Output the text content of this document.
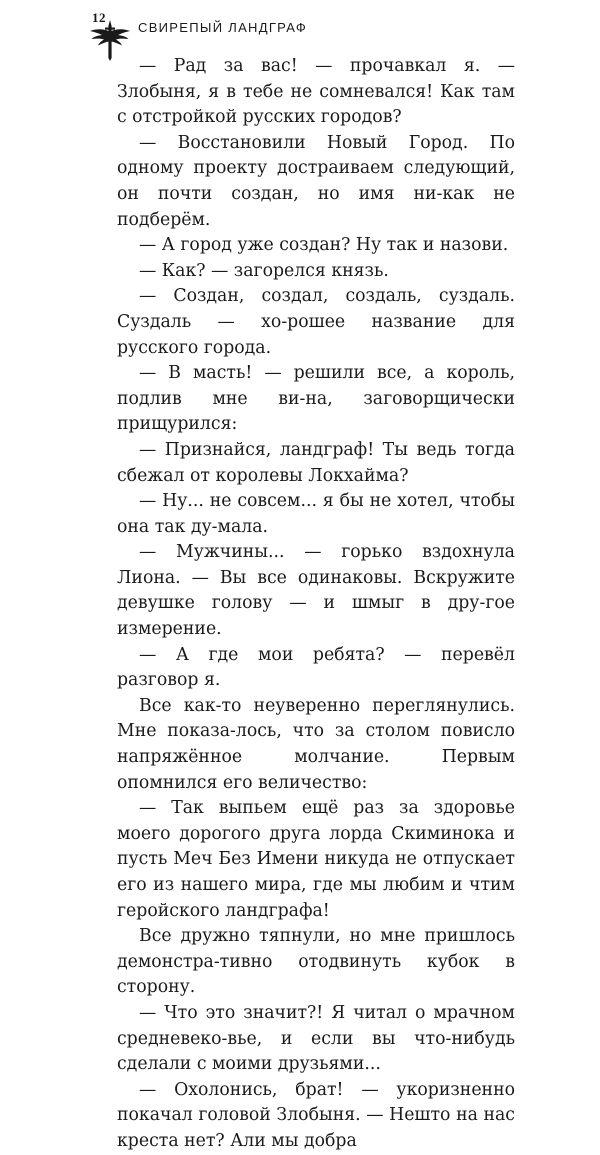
12
СВИРЕПЫЙ ЛАНДГРАФ

— Рад за вас! — прочавкал я. — Злобыня, я в тебе не сомневался! Как там с отстройкой русских городов?

— Восстановили Новый Город. По одному проекту достраиваем следующий, он почти создан, но имя ни-как не подберём.

— А город уже создан? Ну так и назови.

— Как? — загорелся князь.

— Создан, создал, создаль, суздаль. Суздаль — хо-рошее название для русского города.

— В масть! — решили все, а король, подлив мне ви-на, заговорщически прищурился:

— Признайся, ландграф! Ты ведь тогда сбежал от королевы Локхайма?

— Ну... не совсем... я бы не хотел, чтобы она так ду-мала.

— Мужчины... — горько вздохнула Лиона. — Вы все одинаковы. Вскружите девушке голову — и шмыг в дру-гое измерение.

— А где мои ребята? — перевёл разговор я.

Все как-то неуверенно переглянулись. Мне показа-лось, что за столом повисло напряжённое молчание. Первым опомнился его величество:

— Так выпьем ещё раз за здоровье моего дорогого друга лорда Скиминока и пусть Меч Без Имени никуда не отпускает его из нашего мира, где мы любим и чтим геройского ландграфа!

Все дружно тяпнули, но мне пришлось демонстра-тивно отодвинуть кубок в сторону.

— Что это значит?! Я читал о мрачном средневеко-вье, и если вы что-нибудь сделали с моими друзьями...

— Охолонись, брат! — укоризненно покачал головой Злобыня. — Нешто на нас креста нет? Али мы добра
